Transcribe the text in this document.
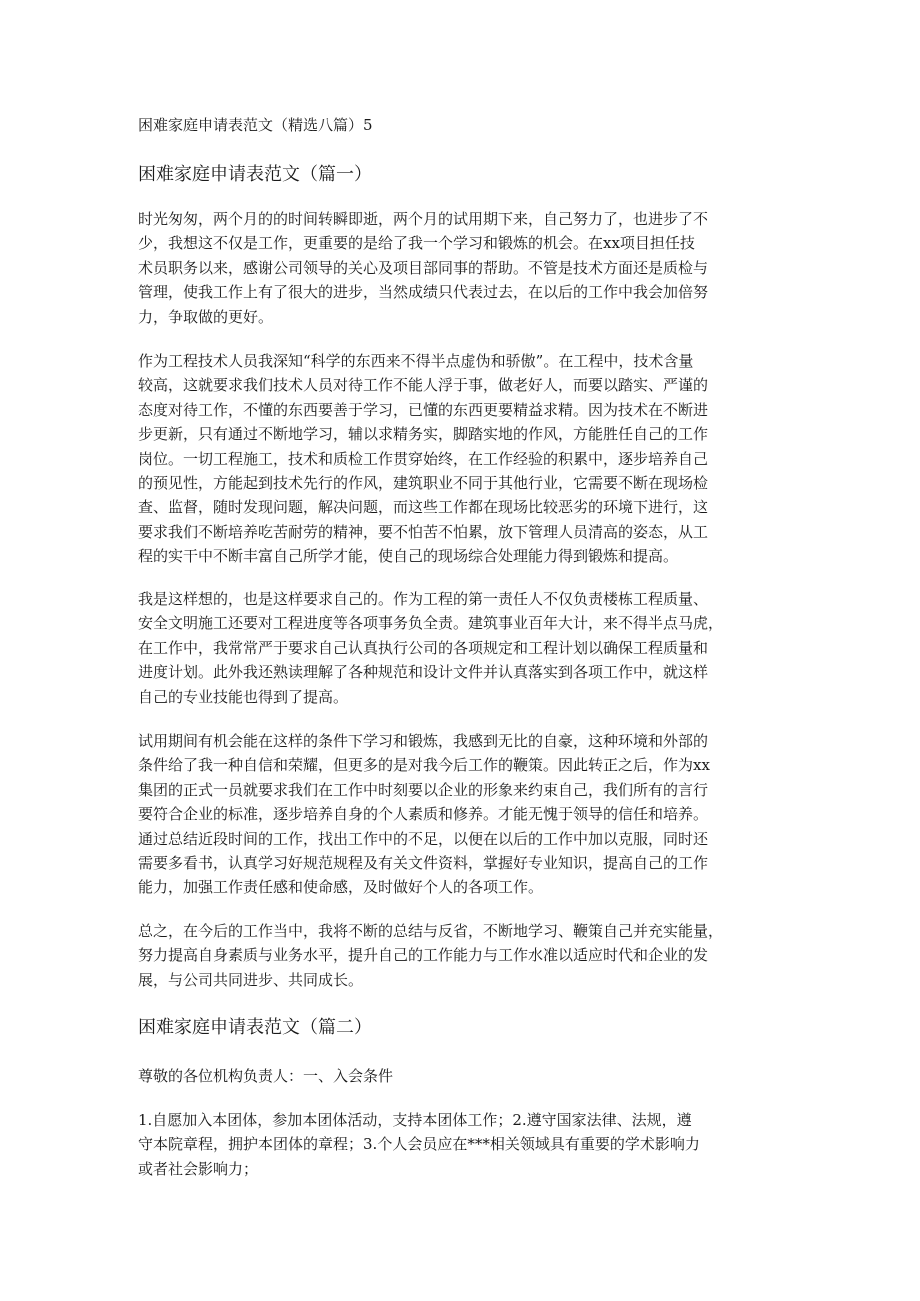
困难家庭申请表范文（精选八篇）5
困难家庭申请表范文（篇一）
时光匆匆，两个月的的时间转瞬即逝，两个月的试用期下来，自己努力了，也进步了不
少，我想这不仅是工作，更重要的是给了我一个学习和锻炼的机会。在xx项目担任技
术员职务以来，感谢公司领导的关心及项目部同事的帮助。不管是技术方面还是质检与
管理，使我工作上有了很大的进步，当然成绩只代表过去，在以后的工作中我会加倍努
力，争取做的更好。
作为工程技术人员我深知“科学的东西来不得半点虚伪和骄傲”。在工程中，技术含量
较高，这就要求我们技术人员对待工作不能人浮于事，做老好人，而要以踏实、严谨的
态度对待工作，不懂的东西要善于学习，已懂的东西更要精益求精。因为技术在不断进
步更新，只有通过不断地学习，辅以求精务实，脚踏实地的作风，方能胜任自己的工作
岗位。一切工程施工，技术和质检工作贯穿始终，在工作经验的积累中，逐步培养自己
的预见性，方能起到技术先行的作风，建筑职业不同于其他行业，它需要不断在现场检
查、监督，随时发现问题，解决问题，而这些工作都在现场比较恶劣的环境下进行，这
要求我们不断培养吃苦耐劳的精神，要不怕苦不怕累，放下管理人员清高的姿态，从工
程的实干中不断丰富自己所学才能，使自己的现场综合处理能力得到锻炼和提高。
我是这样想的，也是这样要求自己的。作为工程的第一责任人不仅负责楼栋工程质量、
安全文明施工还要对工程进度等各项事务负全责。建筑事业百年大计，来不得半点马虎，
在工作中，我常常严于要求自己认真执行公司的各项规定和工程计划以确保工程质量和
进度计划。此外我还熟读理解了各种规范和设计文件并认真落实到各项工作中，就这样
自己的专业技能也得到了提高。
试用期间有机会能在这样的条件下学习和锻炼，我感到无比的自豪，这种环境和外部的
条件给了我一种自信和荣耀，但更多的是对我今后工作的鞭策。因此转正之后，作为xx
集团的正式一员就要求我们在工作中时刻要以企业的形象来约束自己，我们所有的言行
要符合企业的标准，逐步培养自身的个人素质和修养。才能无愧于领导的信任和培养。
通过总结近段时间的工作，找出工作中的不足，以便在以后的工作中加以克服，同时还
需要多看书，认真学习好规范规程及有关文件资料，掌握好专业知识，提高自己的工作
能力，加强工作责任感和使命感，及时做好个人的各项工作。
总之，在今后的工作当中，我将不断的总结与反省，不断地学习、鞭策自己并充实能量，
努力提高自身素质与业务水平，提升自己的工作能力与工作水准以适应时代和企业的发
展，与公司共同进步、共同成长。
困难家庭申请表范文（篇二）
尊敬的各位机构负责人：一、入会条件
1.自愿加入本团体，参加本团体活动，支持本团体工作；2.遵守国家法律、法规，遵
守本院章程，拥护本团体的章程；3.个人会员应在***相关领域具有重要的学术影响力
或者社会影响力；
